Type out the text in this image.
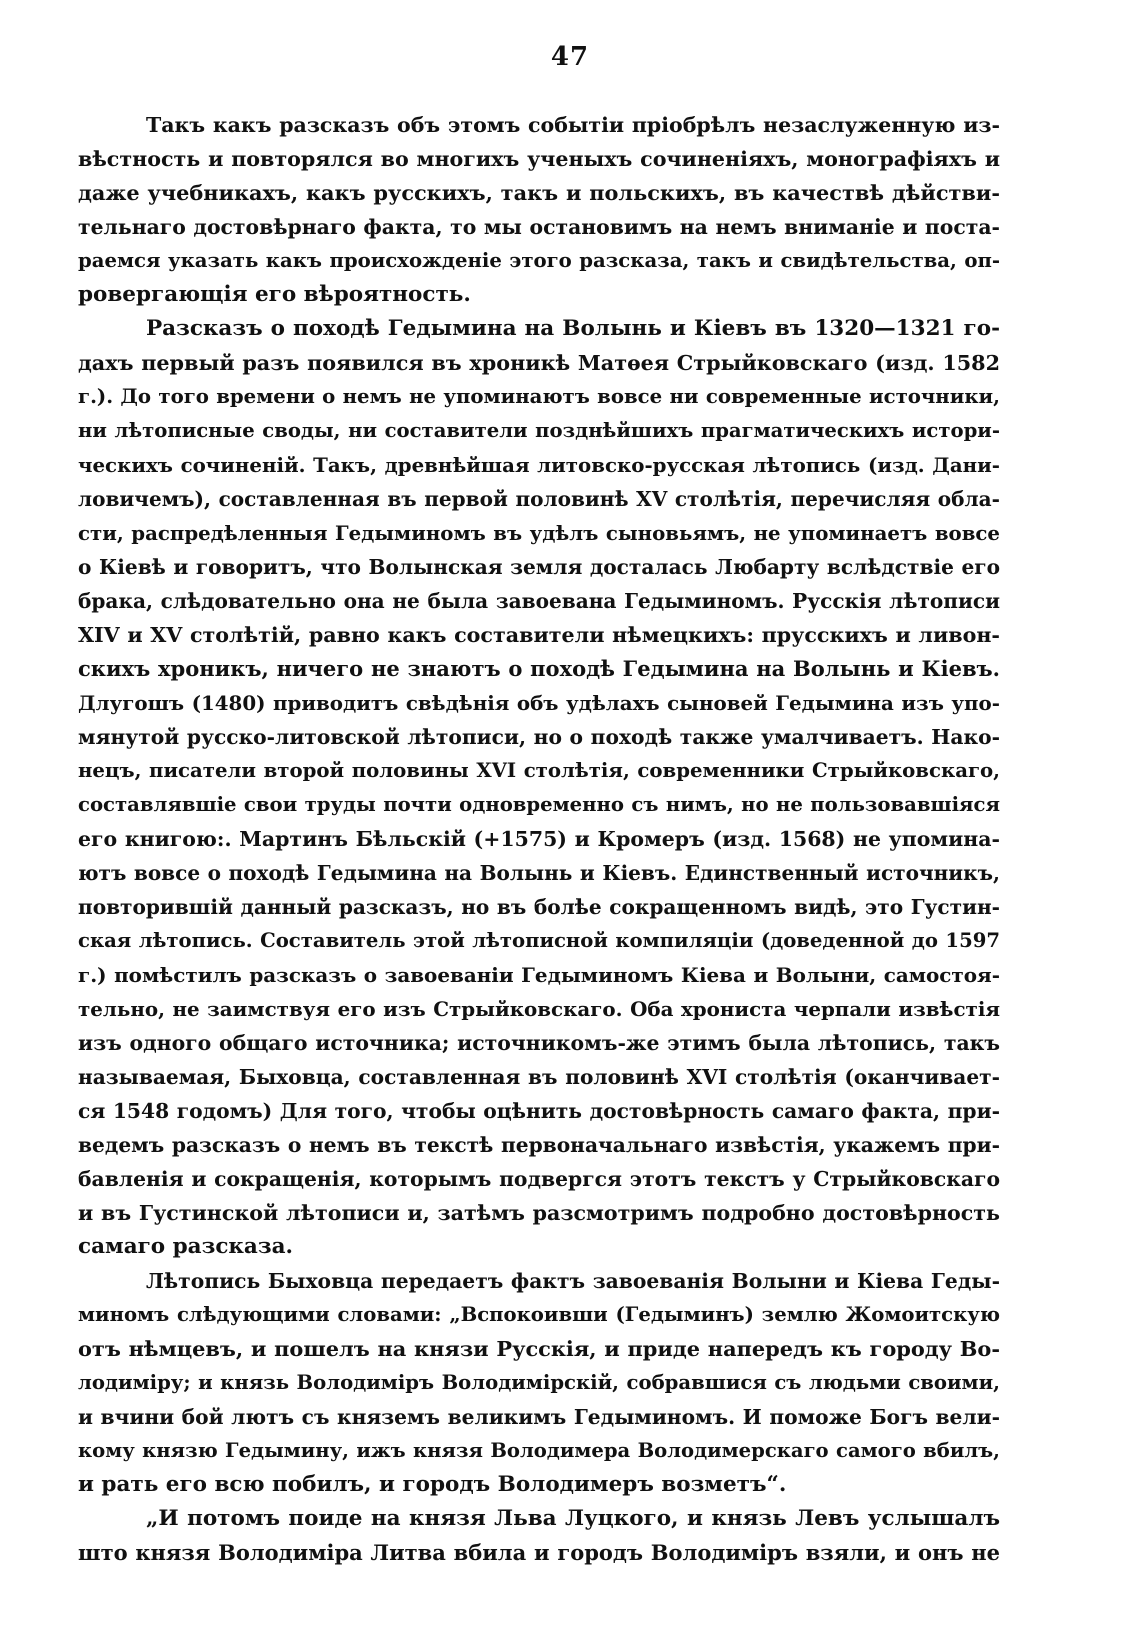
47
Такъ какъ разсказъ объ этомъ событіи пріобрѣлъ незаслуженную из-
вѣстность и повторялся во многихъ ученыхъ сочиненіяхъ, монографіяхъ и
даже учебникахъ, какъ русскихъ, такъ и польскихъ, въ качествѣ дѣйстви-
тельнаго достовѣрнаго факта, то мы остановимъ на немъ вниманіе и поста-
раемся указать какъ происхожденіе этого разсказа, такъ и свидѣтельства, оп-
ровергающія его вѣроятность.
Разсказъ о походѣ Гедымина на Волынь и Кіевъ въ 1320—1321 го-
дахъ первый разъ появился въ хроникѣ Матѳея Стрыйковскаго (изд. 1582
г.). До того времени о немъ не упоминаютъ вовсе ни современные источники,
ни лѣтописные своды, ни составители позднѣйшихъ прагматическихъ истори-
ческихъ сочиненій. Такъ, древнѣйшая литовско-русская лѣтопись (изд. Дани-
ловичемъ), составленная въ первой половинѣ XV столѣтія, перечисляя обла-
сти, распредѣленныя Гедыминомъ въ удѣлъ сыновьямъ, не упоминаетъ вовсе
о Кіевѣ и говоритъ, что Волынская земля досталась Любарту вслѣдствіе его
брака, слѣдовательно она не была завоевана Гедыминомъ. Русскія лѣтописи
XIV и XV столѣтій, равно какъ составители нѣмецкихъ: прусскихъ и ливон-
скихъ хроникъ, ничего не знаютъ о походѣ Гедымина на Волынь и Кіевъ.
Длугошъ (1480) приводитъ свѣдѣнія объ удѣлахъ сыновей Гедымина изъ упо-
мянутой русско-литовской лѣтописи, но о походѣ также умалчиваетъ. Нако-
нецъ, писатели второй половины XVI столѣтія, современники Стрыйковскаго,
составлявшіе свои труды почти одновременно съ нимъ, но не пользовавшіяся
его книгою:. Мартинъ Бѣльскій (+1575) и Кромеръ (изд. 1568) не упомина-
ютъ вовсе о походѣ Гедымина на Волынь и Кіевъ. Единственный источникъ,
повторившій данный разсказъ, но въ болѣе сокращенномъ видѣ, это Густин-
ская лѣтопись. Составитель этой лѣтописной компиляціи (доведенной до 1597
г.) помѣстилъ разсказъ о завоеваніи Гедыминомъ Кіева и Волыни, самостоя-
тельно, не заимствуя его изъ Стрыйковскаго. Оба хрониста черпали извѣстія
изъ одного общаго источника; источникомъ-же этимъ была лѣтопись, такъ
называемая, Быховца, составленная въ половинѣ XVI столѣтія (оканчивает-
ся 1548 годомъ) Для того, чтобы оцѣнить достовѣрность самаго факта, при-
ведемъ разсказъ о немъ въ текстѣ первоначальнаго извѣстія, укажемъ при-
бавленія и сокращенія, которымъ подвергся этотъ текстъ у Стрыйковскаго
и въ Густинской лѣтописи и, затѣмъ разсмотримъ подробно достовѣрность
самаго разсказа.
Лѣтопись Быховца передаетъ фактъ завоеванія Волыни и Кіева Геды-
миномъ слѣдующими словами: „Вспокоивши (Гедыминъ) землю Жомоитскую
отъ нѣмцевъ, и пошелъ на князи Русскія, и приде напередъ къ городу Во-
лодиміру; и князь Володиміръ Володимірскій, собравшися съ людьми своими,
и вчини бой лютъ съ княземъ великимъ Гедыминомъ. И поможе Богъ вели-
кому князю Гедымину, ижъ князя Володимера Володимерскаго самого вбилъ,
и рать его всю побилъ, и городъ Володимеръ возметъ“.
„И потомъ поиде на князя Льва Луцкого, и князь Левъ услышалъ
што князя Володиміра Литва вбила и городъ Володиміръ взяли, и онъ не
